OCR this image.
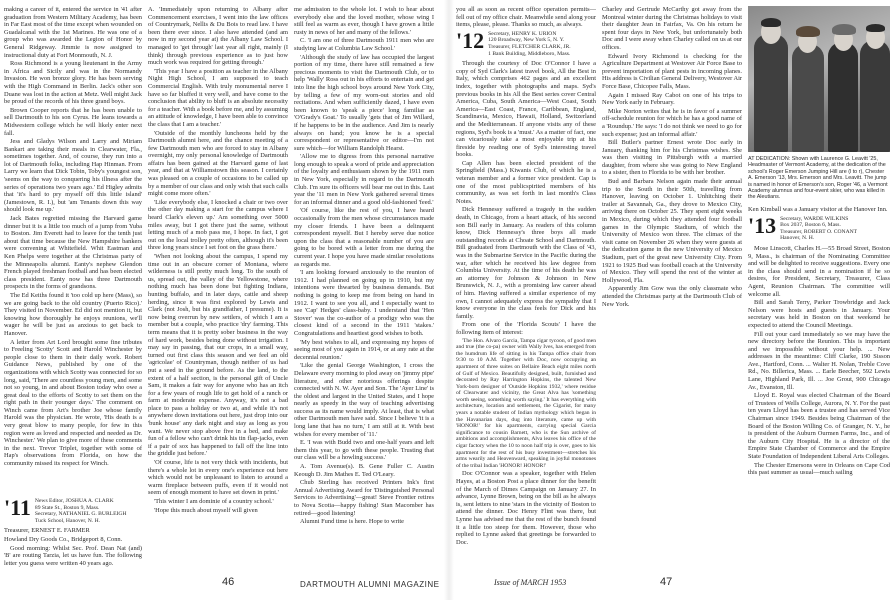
making a career of it, entered the service in '41 after graduation from Western Military Academy, has been in Far East most of the time except when wounded on Guadalcanal with the 1st Marines. He was one of a group who was awarded the Legion of Honor by General Ridgeway. Jimmie is now assigned to instructional duty at Fort Monmouth, N. J.

Ross Richmond is a young lieutenant in the Army in Africa and Sicily and was in the Normandy Invasion. He won bronze glory. He has been serving with the High Command in Berlin. Jack's other son Duane was lost in the action at Metz. Well might Jack be proud of the records of his three grand boys.

Brown Cooper reports that he has been unable to sell Dartmouth to his son Cyrus. He leans towards a Midwestern college which he will likely enter next fall.

Jess and Gladys Wilson and Larry and Miriam Bankart are taking their meals in Clearwater, Fla., sometimes together. And, of course, they run into a lot of Dartmouth folks, including Hap Hinman. From Larry we learn that Dick Tobin, Toby's youngest son, 'seems on the way to conquering his illness after the series of operations two years ago.' Ed Higley admits that 'it's hard to pry myself off this little island' (Jamestown, R. I.), but 'am Tenants down this way should look me up.'

Jack Bates regretted missing the Harvard game dinner but it is a little too much of a jump from Yuba to Boston. Jim Everett had to leave for the tenth just about that time because the New Hampshire bankers were convening at Whitefield. Whit Eastman and Ken Phelps were together at the Christmas party of the Minneapolis alumni. Eanty's nephew Glendon French played freshman football and has been elected class president. Eanty now has three Dartmouth prospects in the forms of grandsons.

The Ed Keiths found it 'too cold up here (Mass), so we are going back to the old country (Puerto Rico).' They visited in November. Ed did not mention it, but knowing how thoroughly he enjoys reunions, we'll wager he will be just as anxious to get back to Hanover.

A letter from Art Lord brought some fine tributes to Freeling 'Scotty' Scott and Harold Winchester by people close to them in their daily work. Robert Guidance News, published by one of the organizations with which Scotty was connected for so long, said, 'There are countless young men, and some not so young, in and about Boston today who owe a great deal to the efforts of Scotty to set them on the right path in their younger days.' The comment on Winch came from Art's brother Joe whose family Harold was the physician. He wrote, 'His death is a very great blow to many people, for few in this region were as loved and respected and needed as Dr. Winchester.' We plan to give more of these comments in the next. Trevor Triplet, together with some of Hap's observations from Florida, on how the community missed its respect for Winch.

'11 News Editor, JOSHUA A. CLARK
89 State St., Boston 9, Mass.
Secretary, NATHANIEL G. BURLEIGH
Tuck School, Hanover, N. H.

Treasurer, ERNEST E. FARMER

Howland Dry Goods Co., Bridgeport 8, Conn.

Good morning: Whilst Sec. Prof. Dean Nat (and) 'B' are routing Tarzia, let us have fun. The following letter you guess were written 40 years ago.

A. 'Immediately upon returning to Albany after Commencement exercises, I went into the law offices of Countrymark, Nellis & Du Bois to read law. I have been there ever since. I also have attended (and am now in my second year at) the Albany Law School. I managed to 'get through' last year all right, mainly (I think) through previous experience as to just how much work was required for getting through.'

'This year I have a position as teacher in the Albany Night High School, I am supposed to teach Commercial English. With truly monumental nerve I have so far bluffed it very well, and have come to the conclusion that ability to bluff is an absolute necessity for a teacher. With a book before me, and by assuming an attitude of knowledge, I have been able to convince the class that I am a teacher.'

'Outside of the monthly luncheons held by the Dartmouth alumni here, and the chance meeting of a few Dartmouth men who are forced to stay in Albany overnight, my only personal knowledge of Dartmouth affairs has been gained at the Harvard game of last year, and that at Williamstown this season. I certainly was pleased on a couple of occasions to be called up by a member of our class and only wish that such calls might come more often.'

'Like everybody else, I knocked a chair or two over the other day making a start for the campus where I heard Clark's eleven up.' Am something over 5000 miles away, but I got there just the same, without letting much of a mob pass me, I hope. In fact, I got out on the local trolley pretty often, although it's been three long years since I set foot on the grass there.'

'When not looking about the campus, I spend my time out in an obscure corner of Montana, where wilderness is still pretty much long. To the south of us, spread out, the valley of the Yellowstone, where nothing much has been done but fighting Indians, hunting buffalo, and in later days, cattle and sheep herding, since it was first explored by Lewis and Clark (not Josh, but his grandfather, I presume). It is now being overrun by new settlers, of which I am a member but a couple, who practice 'dry' farming. This term means that it is pretty sober business in the way of hard work, besides being done without irrigation. I may say in passing, that our crops, in a small way, turned out first class this season and we feel an old 'agricolae' of Countryman, though neither of us had put a seed in the ground before. As the land, to the extent of a half section, is the personal gift of Uncle Sam, it makes a fair way for anyone who has an itch for a few years of rough life to get hold of a ranch or farm at moderate expense. Anyway, it's not a bad place to pass a holiday or two at, and while it's not anywhere down invitations out here, just drop into our 'bunk house' any dark night and stay as long as you want. We never stop above five in a bed, and make fun of a fellow who can't drink his tin flap-jacks, even if a pair of sox has happened to fall off the line into the griddle just before.'

'Of course, life is not very thick with incidents, but there's a whole lot in every one's experience out here which would not be unpleasant to listen to around a warm fireplace between puffs, even if it would not seem of enough moment to have set down in print.'

'This winter I am dominie of a country school.'

'Hope this much about myself will given

me admission to the whole lot. I wish to hear about everybody else and the loved mother, whose wing I still feel as warm as ever, though I have grown a little rusty in news of her and many of the fellows.'

C. 'I am one of three Dartmouth 1911 men who are studying law at Columbia Law School.'

'Although the study of law has occupied the largest portion of my time, there have still remained a few precious moments to visit the Dartmouth Club, or to help 'Wally' Ross out in his efforts to entertain and get into line the high school boys around New York City, by telling a few of my worn-out stories and old recitations. And when sufficiently dazed, I have even been known to 'speak a piece' long familiar as 'O'Grady's Goat.' To usually 'gets that of Jim Willard, if he happens to be in the audience. And Jim is nearly always on hand; you know he is a special correspondent or representative or editor—I'm not sure which—for William Randolph Hearst.

'Allow me to digress from this personal narrative long enough to speak a word of pride and appreciation of the loyalty and enthusiasm shown by the 1911 men in New York, especially in regard to the Dartmouth Club. I'm sure its officers will bear me out in this. Last year the '11 men in New York gathered several times for an informal dinner and a good old-fashioned 'feed.'

'Of course, like the rest of you, I have heard occasionally from the men whose circumstances made my closer friends. I have been a delinquent correspondent myself. But I hereby serve due notice upon the class that a reasonable number of you are going to be bored with a letter from me during the current year. I hope you have made similar resolutions as regards me.

'I am looking forward anxiously to the reunion of 1912. I had planned on going up in 1910, but my intentions were thwarted by business demands. But nothing is going to keep me from being on hand in 1912. I want to see you all, and I especially want to see 'Cap' Hedges' class-baby. I understand that 'Hen Stover' was the co-author of a prodigy who was the closest kind of a second in the 1911 'stakes.' Congratulations and heartiest good wishes to both.

'My best wishes to all, and expressing my hopes of seeing most of you again in 1914, or at any rate at the decennial reunion.'

'Like the genial George Washington, I cross the Delaware every morning to plod away on 'jimmy pipe' literature, and other notorious offerings despite connected with N. W. Ayer and Son. The 'Ayer Line' is the oldest and largest in the United States, and I hope nearly as speedy in the way of teaching advertising success as its name would imply. At least, that is what other Dartmouth men have said. Since I believe 'it is a long lane that has no turn,' I am still at it. With best wishes for every member of '11.'

E. 'I was with Budd two and one-half years and left them this year, to go with these people. Trusting that our class will be a howling success.'

A. Tom Avenue(s). B. Gene Fuller C. Austin Keough D. Jim Mathes E. Ted O'Leary.

Chub Sterling has received Printers Ink's first Annual Advertising Award for 'Distinguished Personal Services to Advertising'—great! Steve Frontier retires to Nova Scotia—happy fishing! Stan Macomber has retired—good listening!

Alumni Fund time is here. Hope to write

you all as soon as recent office operation permits—fell out of my office chair. Meanwhile send along your items, please, please. Thanks so much, as always.

'12 Secretary, HENRY K. URION
120 Broadway, New York 5, N. Y.
Treasurer, FLETCHER CLARK, JR.
1 Bank Building, Middleboro, Mass.

Through the courtesy of Doc O'Connor I have a copy of Syd Clark's latest travel book, All the Best in Italy, which comprises 462 pages and an excellent index, together with photographs and maps. Syd's previous books in his All the Best series cover Central America, Cuba, South America—West Coast, South America—East Coast, France, Caribbean, England, Scandinavia, Mexico, Hawaii, Holland, Switzerland and the Mediterranean. If anyone visits any of these regions, Syd's book is a 'must.' As a matter of fact, one can vicariously take a most enjoyable trip at his fireside by reading one of Syd's interesting travel books.

Cap Allen has been elected president of the Springfield (Mass.) Kiwanis Club, of which he is a veteran member and a former vice president. Cap is one of the most publicspirited members of his community, as was set forth in last month's Class Notes.

Dick Hennessy suffered a tragedy in the sudden death, in Chicago, from a heart attack, of his second son Bill early in January. As readers of this column know, Dick Hennessy's three boys all made outstanding records at Choate School and Dartmouth. Bill graduated from Dartmouth with the Class of '43, was in the Submarine Service in the Pacific during the war, after which he received his law degree from Columbia University. At the time of his death he was an attorney for Johnson & Johnson in New Brunswick, N. J., with a promising law career ahead of him. Having suffered a similar experience of my own, I cannot adequately express the sympathy that I know everyone in the class feels for Dick and his family.

From one of the 'Florida Scouts' I have the following item of interest:

'The Hon. Alvaro Garcia, Tampa cigar tycoon, of good men and true (the co-pa) owner with Wally Ives, has emerged from the humdrum life of sitting in his Tampa office chair from 9:30 to 10 A.M. Together with Doc, now occupying an apartment of three suites on Bellaire Beach eight miles north of Gulf of Mexico. Beautifully designed, built, furnished and decorated by Ray Harrington Hopkins, the talented New York-born designer of 'Outside Hopkins 1932,' where residue of Clearwater and vicinity, the Great Alva has 'something worth seeing, something worth saying.' It has everything with architecture, location and settlement, the Cigarist, for many years a notable student of Indian mythology which began in the Havanarian days, dug into literature, came up with 'HONOR!' for his apartments, carrying special Garcia significance to cousin Barnett, who is the Sun archive of ambitions and accomplishments, Alva leaves his office of the cigar factory when the 10 to noon half trip is over, goes to his apartment for the rest of his busy investment—stretches his arms wearily and Heavenward, speaking in joyful monotones of the tribal Indian 'HONOR! HONOR!'

Doc O'Connor was a speaker, together with Helen Hayes, at a Boston Post a place dinner for the benefit of the March of Dimes Campaign on January 27. In advance, Lynne Brown, being on the bill as he always is, sent letters to nine 'stars in the vicinity of Boston to attend the dinner. Doc Henry Flint was there, but Lynne has advised me that the rest of the bunch found it a little too steep for them. However, those who replied to Lynne asked that greetings be forwarded to Doc.

Charley and Gertrude McCarthy got away from the Montreal winter during the Christmas holidays to visit their daughter Jean in Fairfax, Va. On his return he spent four days in New York, but unfortunately both Doc and I were away when Charley called on us at our offices.

Edward Ivory Richmond is checking for the Agriculture Department at Westover Air Force Base to prevent importation of plant pests in incoming planes. His address is Civilian General Delivery, Westover Air Force Base, Chicopee Falls, Mass.

Again I missed Ray Cabot on one of his trips to New York early in February.

Mike Norton writes that he is in favor of a summer off-schedule reunion for which he has a good name of a 'Roundup.' He says: 'I do not think we need to go for such expense; just an informal affair.'

Bill Butler's partner Ernest wrote Doc early in January, thanking him for his Christmas wishes. She was then visiting in Pittsburgh with a married daughter, from where she was going to New England to a sister, then to Florida to be with her brother.

Bud and Barbara Nelson again made their annual trip to the South in their 50th, travelling from Hanover, leaving on October 1. Unhitching their trailer at Savannah, Ga., they drove to Mexico City, arriving there on October 25. They spent eight weeks in Mexico, during which they attended four football games in the Olympic Stadium, of which the University of Mexico won three. The climax of the visit came on November 26 when they were guests at the dedication game in the new University of Mexico Stadium, part of the great new University City. From 1921 to 1925 Bud was football coach at the University of Mexico. They will spend the rest of the winter at Hollywood, Fla.

Apparently Jim Gow was the only classmate who attended the Christmas party at the Dartmouth Club of New York.

AT DEDICATION: Shown with Laurence G. Leavitt '25, Headmaster of Vermont Academy, at the dedication of the school's Roger Emerson Jumping Hill are (l to r), Chester A. Emerson '13, Mrs. Emerson and Mrs. Leavitt. The jump is named in honor of Emerson's son, Roger '46, a Vermont Academy alumnus and four-event skier, who was killed in the Aleutians.

Ken Kimball was a January visitor at the Hanover Inn.

'13 Secretary, WARDE WILKINS
Box 2037, Boston 6, Mass.
Treasurer, ROBERT O. CONANT
Hanover, N. H.

Mose Linscott, Charles H.—55 Broad Street, Boston 9, Mass., is chairman of the Nominating Committee and will be delighted to receive suggestions. Every one in the class should send in a nomination if he so desires, for President, Secretary, Treasurer, Class Agent, Reunion Chairman. The committee will welcome all.

Bill and Sarah Terry, Parker Trowbridge and Jack Nelson were hosts and guests in January. Your secretary was held in Boston on that weekend he expected to attend the Council Meetings.

Fill out your card immediately so we may have the new directory before the Reunion. This is important and we impossible without your help. ... New addresses in the meantime: Cliff Clarke, 190 Sisson Ave., Hartford, Conn. ... Walter H. Nolan, Treble Cove Rd., No. Billerica, Mass. ... Earle Beecher, 592 Lewis Lane, Highland Park, Ill. ... Joe Grout, 900 Chicago Av., Evanston, Ill.

Lloyd E. Royal was elected Chairman of the Board of Trustees of Wells College, Aurora, N. Y. For the past ten years Lloyd has been a trustee and has served Vice Chairman since 1949. Besides being Chairman of the Board of the Boston Willing Co. of Granger, N. Y., he is president of the Auburn Ourmen Farms, Inc., and of the Auburn City Hospital. He is a director of the Empire State Chamber of Commerce and the Empire State Foundation of Independent Liberal Arts Colleges.

The Chester Emersons were in Orleans on Cape Cod this past summer as usual—much sailing

46	DARTMOUTH ALUMNI MAGAZINE	Issue of MARCH 1953	47
